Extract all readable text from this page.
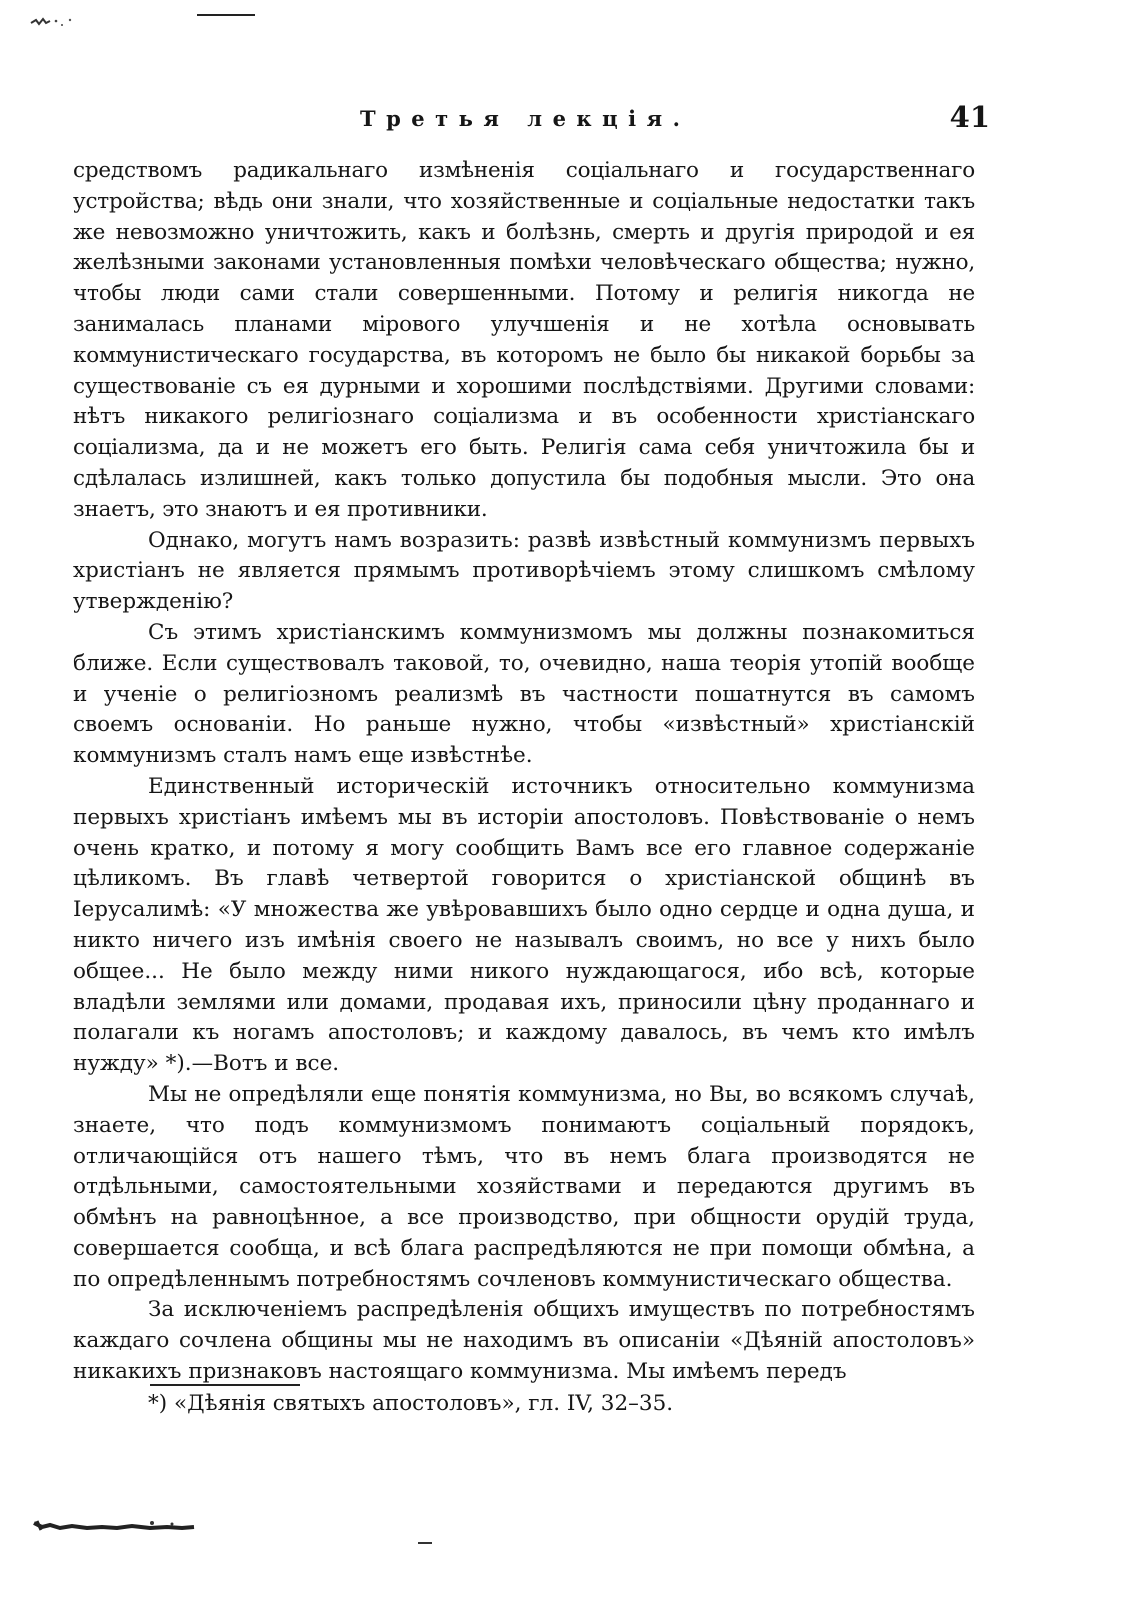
Третья лекція.	41

средствомъ радикальнаго измѣненія соціальнаго и государственнаго устройства; вѣдь они знали, что хозяйственные и соціальные недостатки такъ же невозможно уничтожить, какъ и болѣзнь, смерть и другія природой и ея желѣзными законами установленныя помѣхи человѣческаго общества; нужно, чтобы люди сами стали совершенными. Потому и религія никогда не занималась планами мірового улучшенія и не хотѣла основывать коммунистическаго государства, въ которомъ не было бы никакой борьбы за существованіе съ ея дурными и хорошими послѣдствіями. Другими словами: нѣтъ никакого религіознаго соціализма и въ особенности христіанскаго соціализма, да и не можетъ его быть. Религія сама себя уничтожила бы и сдѣлалась излишней, какъ только допустила бы подобныя мысли. Это она знаетъ, это знаютъ и ея противники.

Однако, могутъ намъ возразить: развѣ извѣстный коммунизмъ первыхъ христіанъ не является прямымъ противорѣчіемъ этому слишкомъ смѣлому утвержденію?

Съ этимъ христіанскимъ коммунизмомъ мы должны познакомиться ближе. Если существовалъ таковой, то, очевидно, наша теорія утопій вообще и ученіе о религіозномъ реализмѣ въ частности пошатнутся въ самомъ своемъ основаніи. Но раньше нужно, чтобы «извѣстный» христіанскій коммунизмъ сталъ намъ еще извѣстнѣе.

Единственный историческій источникъ относительно коммунизма первыхъ христіанъ имѣемъ мы въ исторіи апостоловъ. Повѣствованіе о немъ очень кратко, и потому я могу сообщить Вамъ все его главное содержаніе цѣликомъ. Въ главѣ четвертой говорится о христіанской общинѣ въ Іерусалимѣ: «У множества же увѣровавшихъ было одно сердце и одна душа, и никто ничего изъ имѣнія своего не называлъ своимъ, но все у нихъ было общее... Не было между ними никого нуждающагося, ибо всѣ, которые владѣли землями или домами, продавая ихъ, приносили цѣну проданнаго и полагали къ ногамъ апостоловъ; и каждому давалось, въ чемъ кто имѣлъ нужду» *).—Вотъ и все.

Мы не опредѣляли еще понятія коммунизма, но Вы, во всякомъ случаѣ, знаете, что подъ коммунизмомъ понимаютъ соціальный порядокъ, отличающійся отъ нашего тѣмъ, что въ немъ блага производятся не отдѣльными, самостоятельными хозяйствами и передаются другимъ въ обмѣнъ на равноцѣнное, а все производство, при общности орудій труда, совершается сообща, и всѣ блага распредѣляются не при помощи обмѣна, а по опредѣленнымъ потребностямъ сочленовъ коммунистическаго общества.

За исключеніемъ распредѣленія общихъ имуществъ по потребностямъ каждаго сочлена общины мы не находимъ въ описаніи «Дѣяній апостоловъ» никакихъ признаковъ настоящаго коммунизма. Мы имѣемъ передъ

*) «Дѣянія святыхъ апостоловъ», гл. IV, 32–35.
